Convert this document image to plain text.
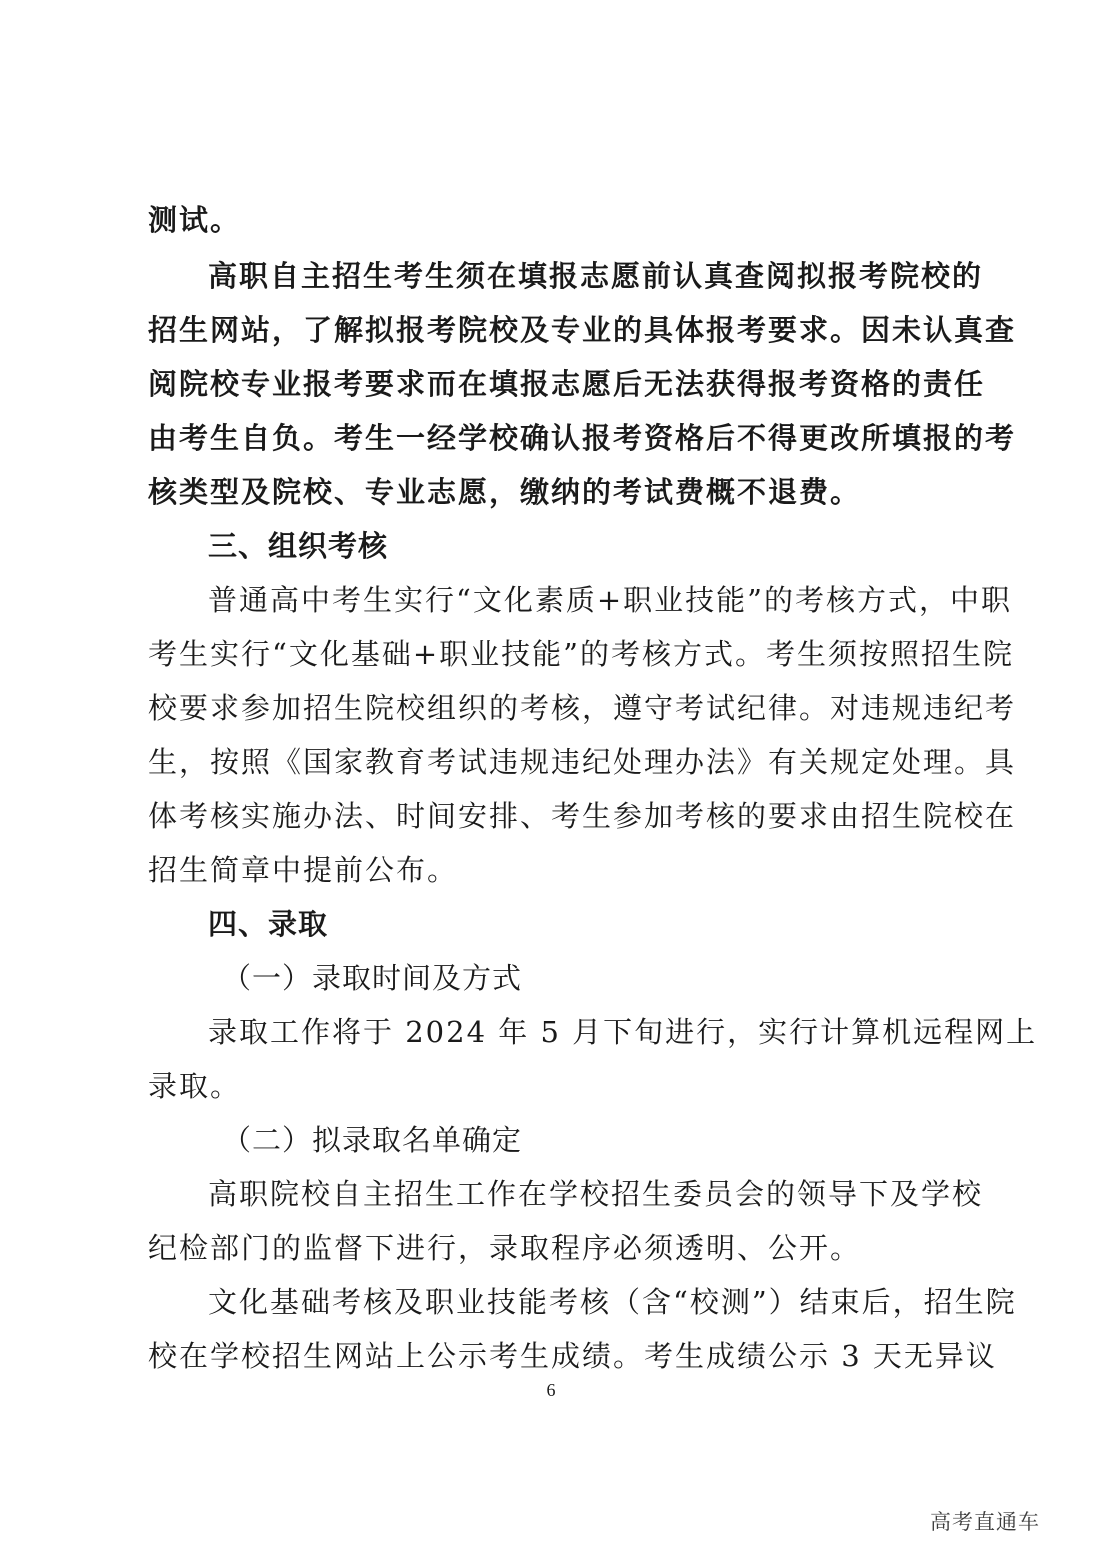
测试。
高职自主招生考生须在填报志愿前认真查阅拟报考院校的
招生网站，了解拟报考院校及专业的具体报考要求。因未认真查
阅院校专业报考要求而在填报志愿后无法获得报考资格的责任
由考生自负。考生一经学校确认报考资格后不得更改所填报的考
核类型及院校、专业志愿，缴纳的考试费概不退费。
三、组织考核
普通高中考生实行“文化素质+职业技能”的考核方式，中职
考生实行“文化基础+职业技能”的考核方式。考生须按照招生院
校要求参加招生院校组织的考核，遵守考试纪律。对违规违纪考
生，按照《国家教育考试违规违纪处理办法》有关规定处理。具
体考核实施办法、时间安排、考生参加考核的要求由招生院校在
招生简章中提前公布。
四、录取
（一）录取时间及方式
录取工作将于 2024 年 5 月下旬进行，实行计算机远程网上
录取。
（二）拟录取名单确定
高职院校自主招生工作在学校招生委员会的领导下及学校
纪检部门的监督下进行，录取程序必须透明、公开。
文化基础考核及职业技能考核（含“校测”）结束后，招生院
校在学校招生网站上公示考生成绩。考生成绩公示 3 天无异议
6
高考直通车
